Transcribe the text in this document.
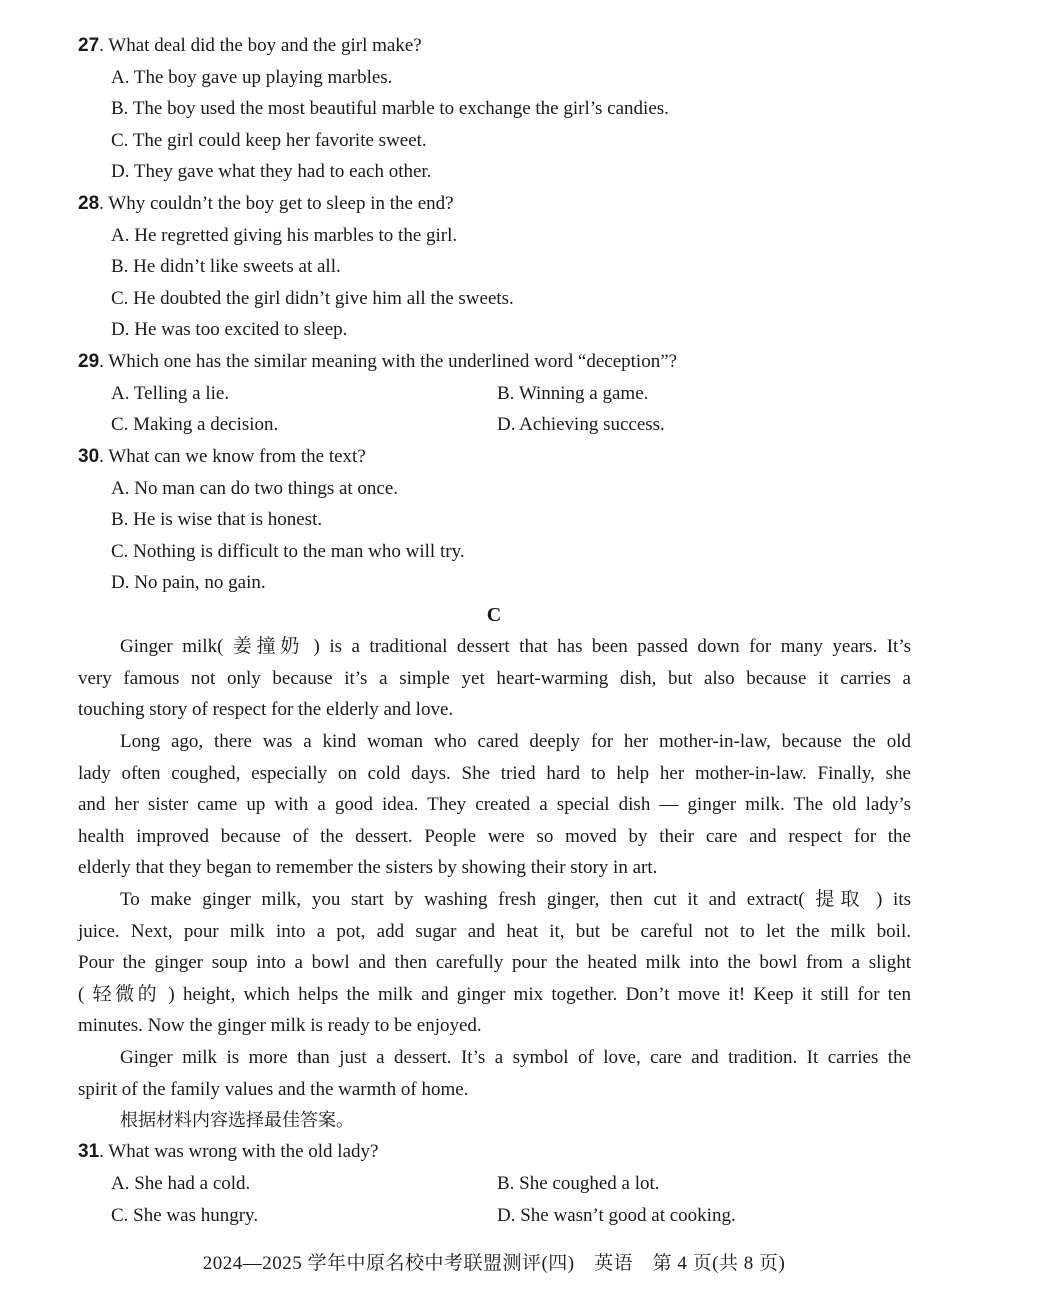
27. What deal did the boy and the girl make?
A. The boy gave up playing marbles.
B. The boy used the most beautiful marble to exchange the girl’s candies.
C. The girl could keep her favorite sweet.
D. They gave what they had to each other.
28. Why couldn’t the boy get to sleep in the end?
A. He regretted giving his marbles to the girl.
B. He didn’t like sweets at all.
C. He doubted the girl didn’t give him all the sweets.
D. He was too excited to sleep.
29. Which one has the similar meaning with the underlined word “deception”?
A. Telling a lie.	B. Winning a game.
C. Making a decision.	D. Achieving success.
30. What can we know from the text?
A. No man can do two things at once.
B. He is wise that is honest.
C. Nothing is difficult to the man who will try.
D. No pain, no gain.
C
Ginger milk( 姜撞奶 ) is a traditional dessert that has been passed down for many years. It’s
very famous not only because it’s a simple yet heart-warming dish, but also because it carries a
touching story of respect for the elderly and love.
Long ago, there was a kind woman who cared deeply for her mother-in-law, because the old
lady often coughed, especially on cold days. She tried hard to help her mother-in-law. Finally, she
and her sister came up with a good idea. They created a special dish — ginger milk. The old lady’s
health improved because of the dessert. People were so moved by their care and respect for the
elderly that they began to remember the sisters by showing their story in art.
To make ginger milk, you start by washing fresh ginger, then cut it and extract( 提取 ) its
juice. Next, pour milk into a pot, add sugar and heat it, but be careful not to let the milk boil.
Pour the ginger soup into a bowl and then carefully pour the heated milk into the bowl from a slight
( 轻微的 ) height, which helps the milk and ginger mix together. Don’t move it! Keep it still for ten
minutes. Now the ginger milk is ready to be enjoyed.
Ginger milk is more than just a dessert. It’s a symbol of love, care and tradition. It carries the
spirit of the family values and the warmth of home.
根据材料内容选择最佳答案。
31. What was wrong with the old lady?
A. She had a cold.	B. She coughed a lot.
C. She was hungry.	D. She wasn’t good at cooking.
2024—2025 学年中原名校中考联盟测评(四)　英语　第 4 页(共 8 页)
